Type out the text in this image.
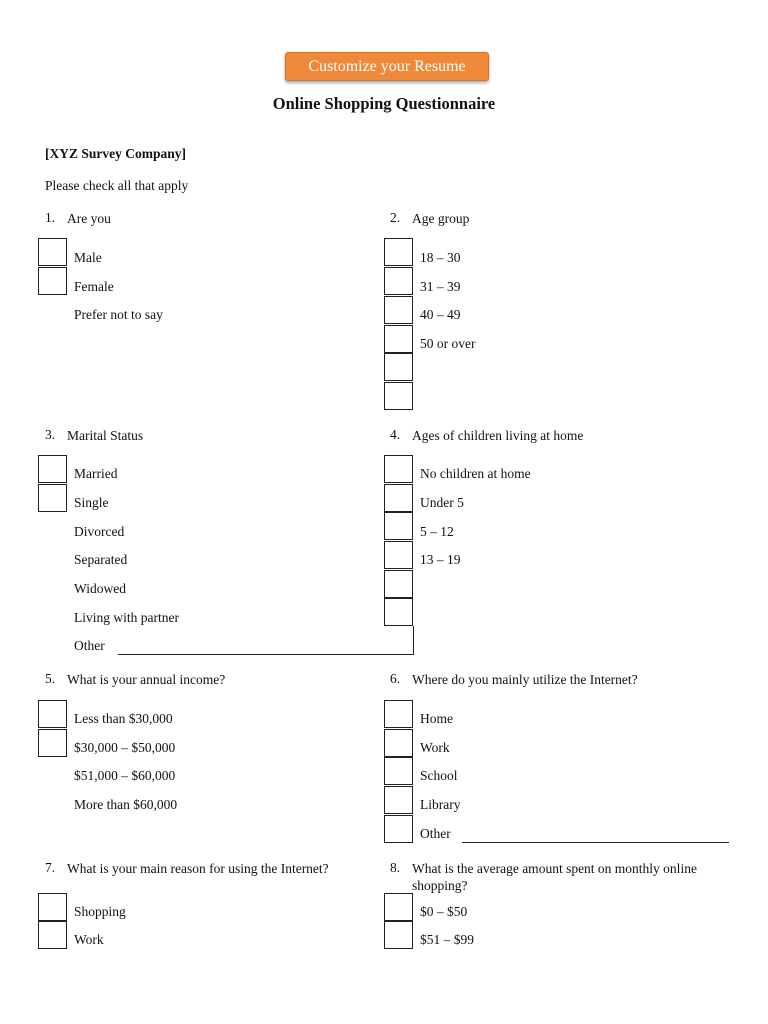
Customize your Resume
Online Shopping Questionnaire
[XYZ Survey Company]
Please check all that apply
1. Are you
Male
Female
Prefer not to say
2. Age group
18 – 30
31 – 39
40 – 49
50 or over
3. Marital Status
Married
Single
Divorced
Separated
Widowed
Living with partner
Other
4. Ages of children living at home
No children at home
Under 5
5 – 12
13 – 19
5. What is your annual income?
Less than $30,000
$30,000 – $50,000
$51,000 – $60,000
More than $60,000
6. Where do you mainly utilize the Internet?
Home
Work
School
Library
Other
7. What is your main reason for using the Internet?
Shopping
Work
8. What is the average amount spent on monthly online shopping?
$0 – $50
$51 – $99
